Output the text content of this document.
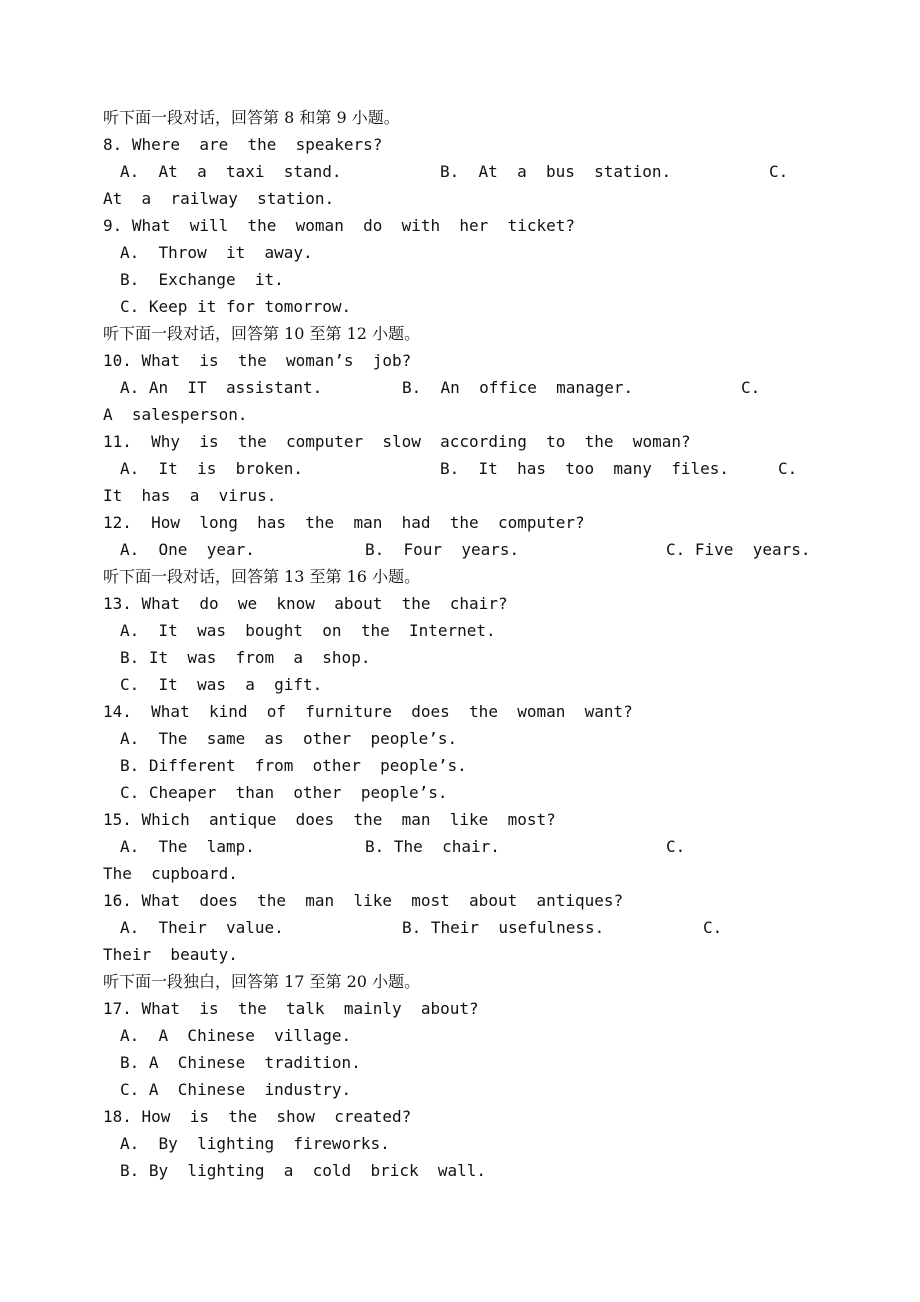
听下面一段对话，回答第 8 和第 9 小题。
8. Where  are  the  speakers?
A.  At  a  taxi  stand.	B.  At  a  bus  station.	C.
At  a  railway  station.
9. What  will  the  woman  do  with  her  ticket?
A.  Throw  it  away.
B.  Exchange  it.
C. Keep it for tomorrow.
听下面一段对话，回答第 10 至第 12 小题。
10. What  is  the  woman’s  job?
A. An  IT  assistant.	B.  An  office  manager.	C.
A  salesperson.
11.  Why  is  the  computer  slow  according  to  the  woman?
A.  It  is  broken.	B.  It  has  too  many  files.	C.
It  has  a  virus.
12.  How  long  has  the  man  had  the  computer?
A.  One  year.	B.  Four  years.	C. Five  years.
听下面一段对话，回答第 13 至第 16 小题。
13. What  do  we  know  about  the  chair?
A.  It  was  bought  on  the  Internet.
B. It  was  from  a  shop.
C.  It  was  a  gift.
14.  What  kind  of  furniture  does  the  woman  want?
A.  The  same  as  other  people’s.
B. Different  from  other  people’s.
C. Cheaper  than  other  people’s.
15. Which  antique  does  the  man  like  most?
A.  The  lamp.	B. The  chair.	C.
The  cupboard.
16. What  does  the  man  like  most  about  antiques?
A.  Their  value.	B. Their  usefulness.	C.
Their  beauty.
听下面一段独白，回答第 17 至第 20 小题。
17. What  is  the  talk  mainly  about?
A.  A  Chinese  village.
B. A  Chinese  tradition.
C. A  Chinese  industry.
18. How  is  the  show  created?
A.  By  lighting  fireworks.
B. By  lighting  a  cold  brick  wall.
